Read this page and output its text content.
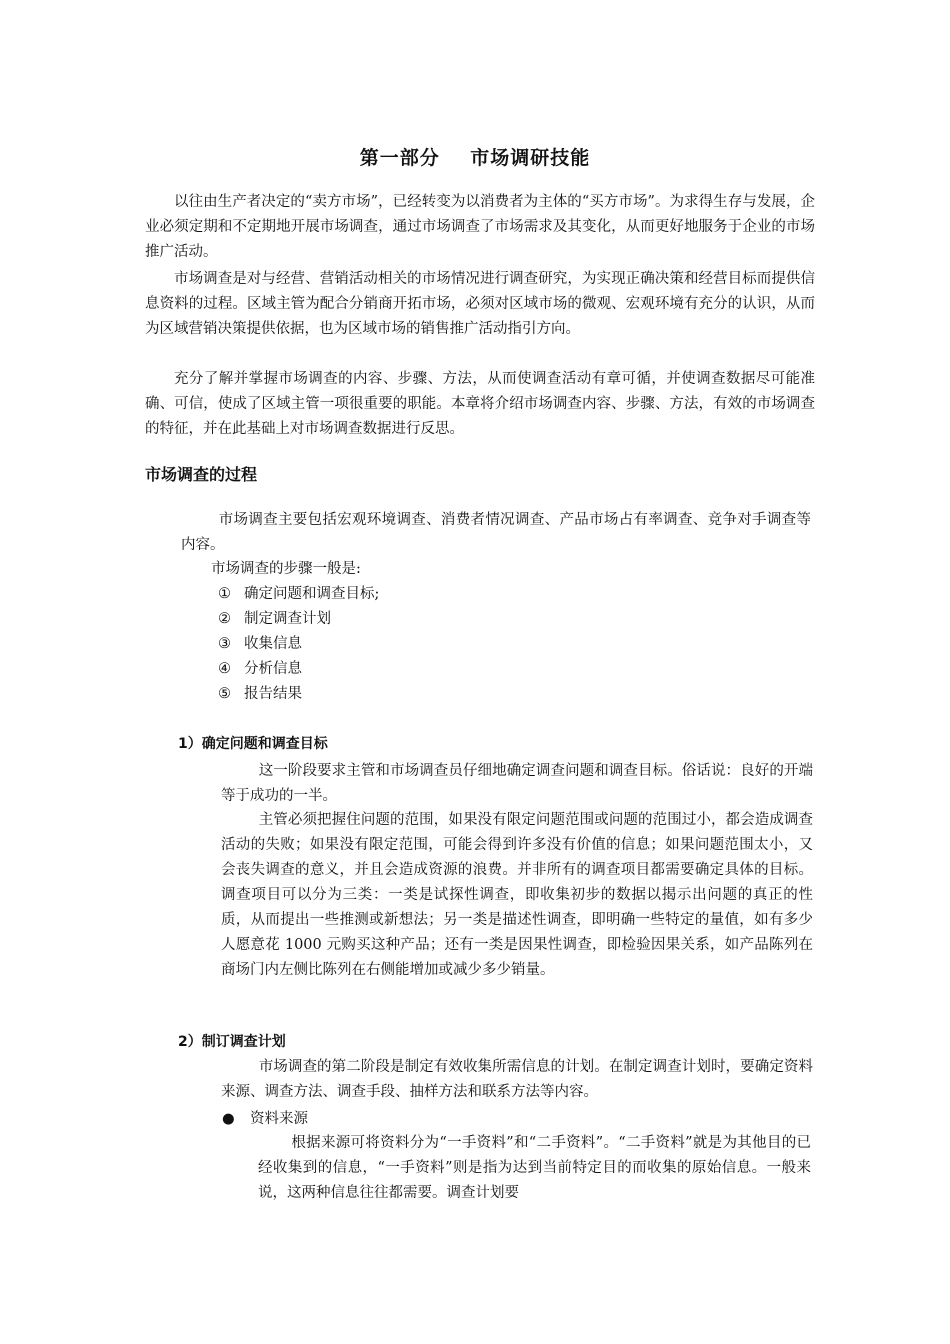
第一部分    市场调研技能

以往由生产者决定的“卖方市场”，已经转变为以消费者为主体的“买方市场”。为求得生存与发展，企业必须定期和不定期地开展市场调查，通过市场调查了市场需求及其变化，从而更好地服务于企业的市场推广活动。

市场调查是对与经营、营销活动相关的市场情况进行调查研究，为实现正确决策和经营目标而提供信息资料的过程。区域主管为配合分销商开拓市场，必须对区域市场的微观、宏观环境有充分的认识，从而为区域营销决策提供依据，也为区域市场的销售推广活动指引方向。

充分了解并掌握市场调查的内容、步骤、方法，从而使调查活动有章可循，并使调查数据尽可能准确、可信，使成了区域主管一项很重要的职能。本章将介绍市场调查内容、步骤、方法，有效的市场调查的特征，并在此基础上对市场调查数据进行反思。

市场调查的过程

市场调查主要包括宏观环境调查、消费者情况调查、产品市场占有率调查、竞争对手调查等内容。

市场调查的步骤一般是:
① 确定问题和调查目标;
② 制定调查计划
③ 收集信息
④ 分析信息
⑤ 报告结果
1）确定问题和调查目标

这一阶段要求主管和市场调查员仔细地确定调查问题和调查目标。俗话说：良好的开端等于成功的一半。

主管必须把握住问题的范围，如果没有限定问题范围或问题的范围过小，都会造成调查活动的失败；如果没有限定范围，可能会得到许多没有价值的信息；如果问题范围太小，又会丧失调查的意义，并且会造成资源的浪费。并非所有的调查项目都需要确定具体的目标。调查项目可以分为三类：一类是试探性调查，即收集初步的数据以揭示出问题的真正的性质，从而提出一些推测或新想法；另一类是描述性调查，即明确一些特定的量值，如有多少人愿意花 1000 元购买这种产品；还有一类是因果性调查，即检验因果关系，如产品陈列在商场门内左侧比陈列在右侧能增加或减少多少销量。

2）制订调查计划

市场调查的第二阶段是制定有效收集所需信息的计划。在制定调查计划时，要确定资料来源、调查方法、调查手段、抽样方法和联系方法等内容。

● 资料来源

根据来源可将资料分为“一手资料”和“二手资料”。“二手资料”就是为其他目的已经收集到的信息，“一手资料”则是指为达到当前特定目的而收集的原始信息。一般来说，这两种信息往往都需要。调查计划要
